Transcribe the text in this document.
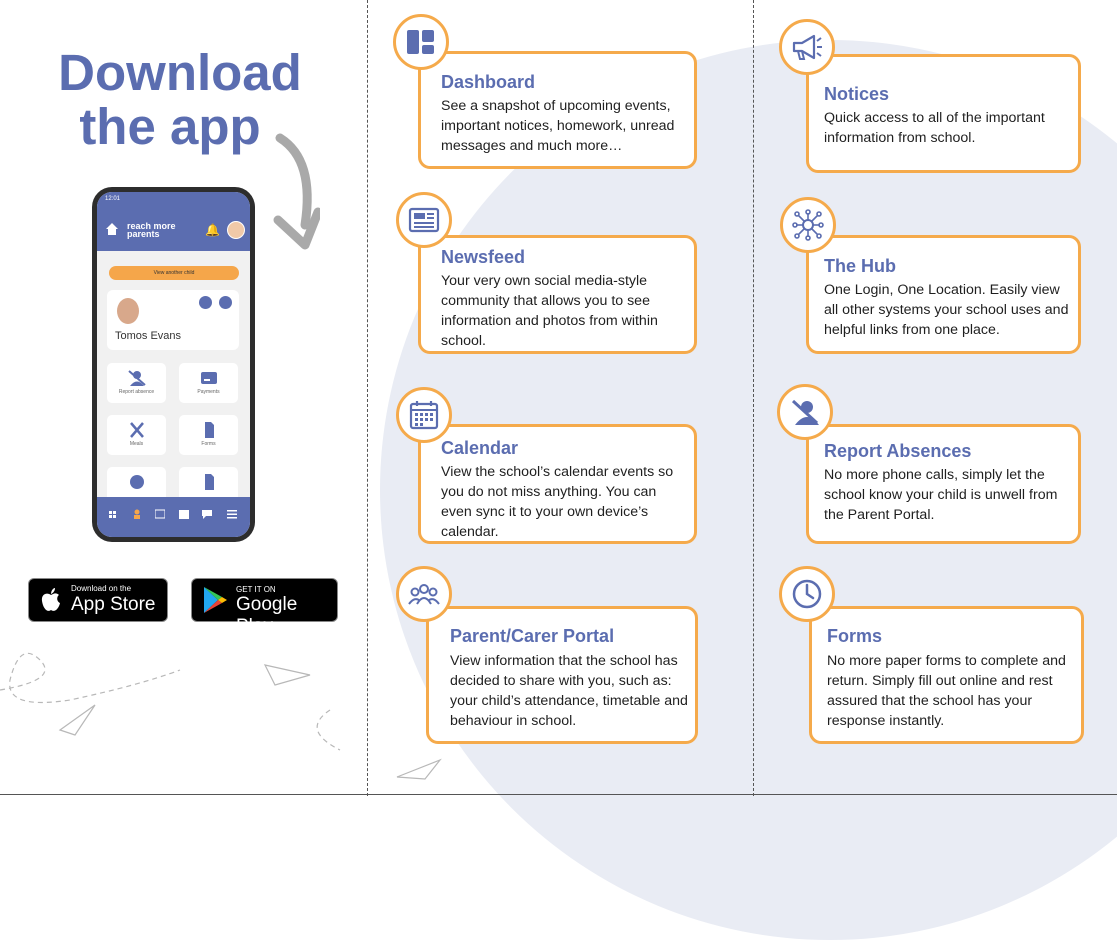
Download
the app
12:01
reach more
parents	🔔
View another child
Tomos Evans
Report absence	Payments
Meals	Forms
Download on the
App Store
GET IT ON
Google Play
Dashboard
See a snapshot of upcoming events, important notices, homework, unread messages and much more…
Newsfeed
Your very own social media-style community that allows you to see information and photos from within school.
Calendar
View the school’s calendar events so you do not miss anything. You can even sync it to your own device’s calendar.
Parent/Carer Portal
View information that the school has decided to share with you, such as: your child’s attendance, timetable and behaviour in school.
Notices
Quick access to all of the important information from school.
The Hub
One Login, One Location. Easily view all other systems your school uses and helpful links from one place.
Report Absences
No more phone calls, simply let the school know your child is unwell from the Parent Portal.
Forms
No more paper forms to complete and return. Simply fill out online and rest assured that the school has your response instantly.
